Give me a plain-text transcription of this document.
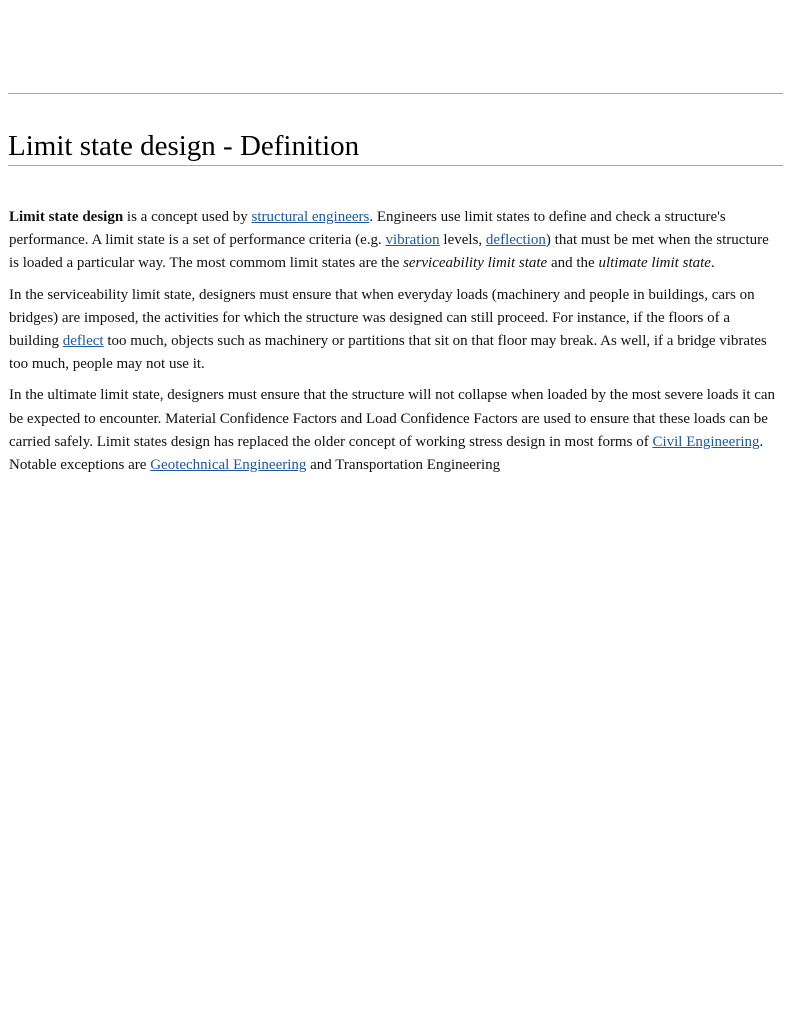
Limit state design - Definition

Limit state design is a concept used by structural engineers. Engineers use limit states to define and check a structure's performance. A limit state is a set of performance criteria (e.g. vibration levels, deflection) that must be met when the structure is loaded a particular way. The most commom limit states are the serviceability limit state and the ultimate limit state.

In the serviceability limit state, designers must ensure that when everyday loads (machinery and people in buildings, cars on bridges) are imposed, the activities for which the structure was designed can still proceed. For instance, if the floors of a building deflect too much, objects such as machinery or partitions that sit on that floor may break. As well, if a bridge vibrates too much, people may not use it.

In the ultimate limit state, designers must ensure that the structure will not collapse when loaded by the most severe loads it can be expected to encounter. Material Confidence Factors and Load Confidence Factors are used to ensure that these loads can be carried safely. Limit states design has replaced the older concept of working stress design in most forms of Civil Engineering. Notable exceptions are Geotechnical Engineering and Transportation Engineering
